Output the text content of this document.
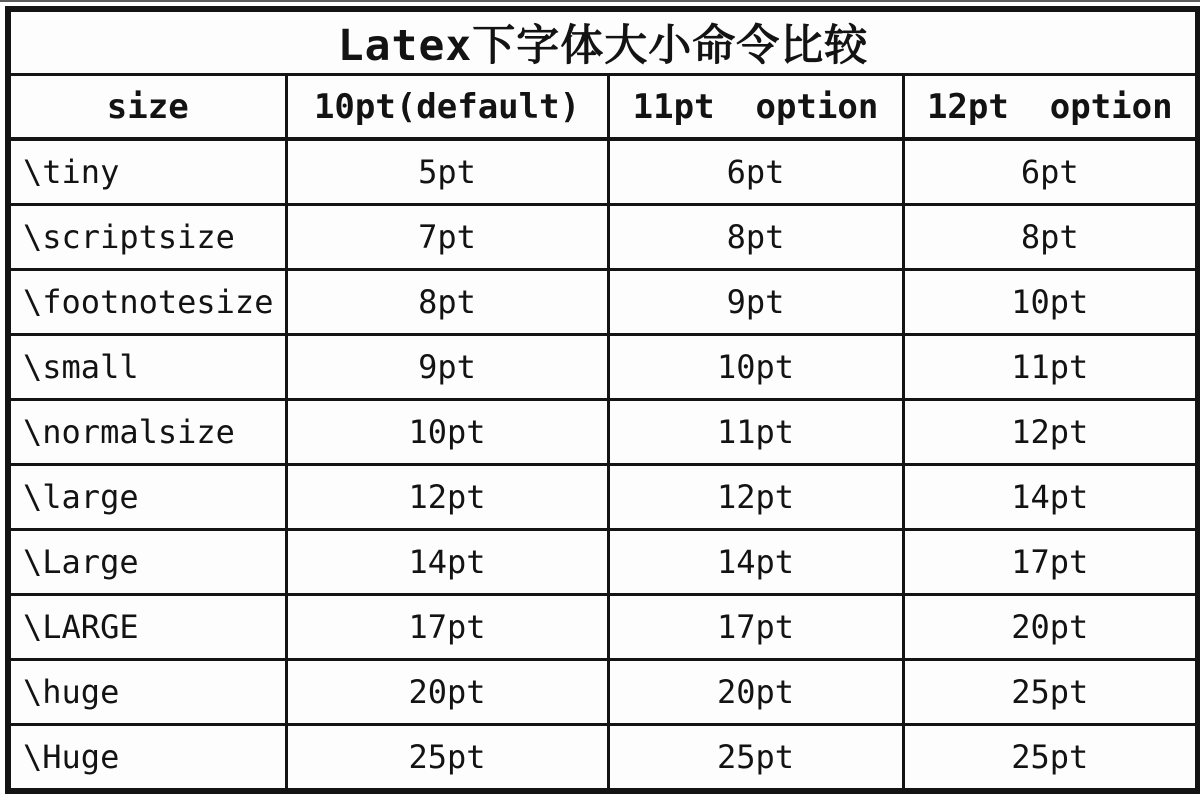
Latex下字体大小命令比较			
size	10pt(default)	11pt  option	12pt  option
\tiny	5pt	6pt	6pt
\scriptsize	7pt	8pt	8pt
\footnotesize	8pt	9pt	10pt
\small	9pt	10pt	11pt
\normalsize	10pt	11pt	12pt
\large	12pt	12pt	14pt
\Large	14pt	14pt	17pt
\LARGE	17pt	17pt	20pt
\huge	20pt	20pt	25pt
\Huge	25pt	25pt	25pt
